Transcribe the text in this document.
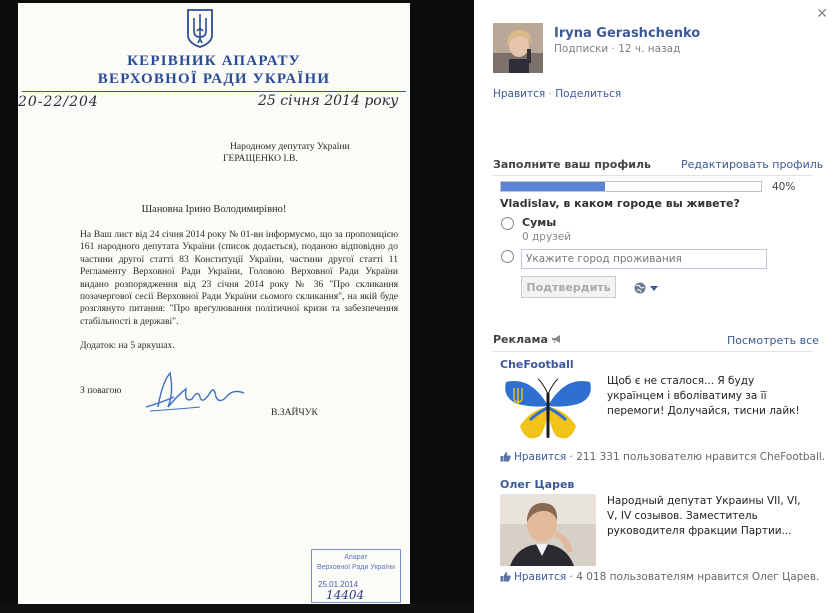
КЕРІВНИК АПАРАТУ
ВЕРХОВНОЇ РАДИ УКРАЇНИ
20-22/204	25 січня 2014 року
Народному депутату України
ГЕРАЩЕНКО І.В.
Шановна Ірино Володимирівно!
На Ваш лист від 24 січня 2014 року № 01-вн інформуємо, що за пропозицією 161 народного депутата України (список додається), поданою відповідно до частини другої статті 83 Конституції України, частини другої статті 11 Регламенту Верховної Ради України, Головою Верховної Ради України видано розпорядження від 23 січня 2014 року № 36 "Про скликання позачергової сесії Верховної Ради України сьомого скликання", на якій буде розглянуто питання: "Про врегулювання політичної кризи та забезпечення стабільності в державі".
Додаток: на 5 аркушах.
З повагою
В.ЗАЙЧУК
Апарат
Верховної Ради України
25.01.2014
14404
✕
Iryna Gerashchenko
Подписки · 12 ч. назад
Нравится · Поделиться
Заполните ваш профиль	Редактировать профиль
40%
Vladislav, в каком городе вы живете?
Сумы
0 друзей
Укажите город проживания
Подтвердить
Реклама	Посмотреть все
CheFootball
Щоб є не сталося... Я буду українцем і вболіватиму за її перемоги! Долучайся, тисни лайк!
Нравится · 211 331 пользователю нравится CheFootball.
Олег Царев
Народный депутат Украины VII, VI, V, IV созывов. Заместитель руководителя фракции Партии...
Нравится · 4 018 пользователям нравится Олег Царев.
